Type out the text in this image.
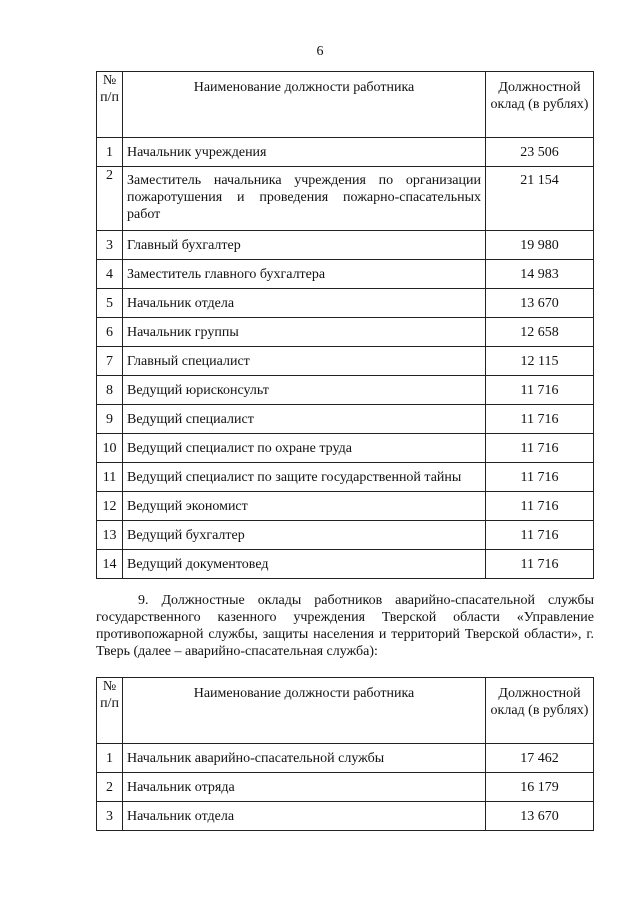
6
№ п/п	Наименование должности работника	Должностной оклад (в рублях)
1	Начальник учреждения	23 506
2	Заместитель начальника учреждения по организации пожаротушения и проведения пожарно-спасательных работ	21 154
3	Главный бухгалтер	19 980
4	Заместитель главного бухгалтера	14 983
5	Начальник отдела	13 670
6	Начальник группы	12 658
7	Главный специалист	12 115
8	Ведущий юрисконсульт	11 716
9	Ведущий специалист	11 716
10	Ведущий специалист по охране труда	11 716
11	Ведущий специалист по защите государственной тайны	11 716
12	Ведущий экономист	11 716
13	Ведущий бухгалтер	11 716
14	Ведущий документовед	11 716
9. Должностные оклады работников аварийно-спасательной службы государственного казенного учреждения Тверской области «Управление противопожарной службы, защиты населения и территорий Тверской области», г. Тверь (далее – аварийно-спасательная служба):
№ п/п	Наименование должности работника	Должностной оклад (в рублях)
1	Начальник аварийно-спасательной службы	17 462
2	Начальник отряда	16 179
3	Начальник отдела	13 670
